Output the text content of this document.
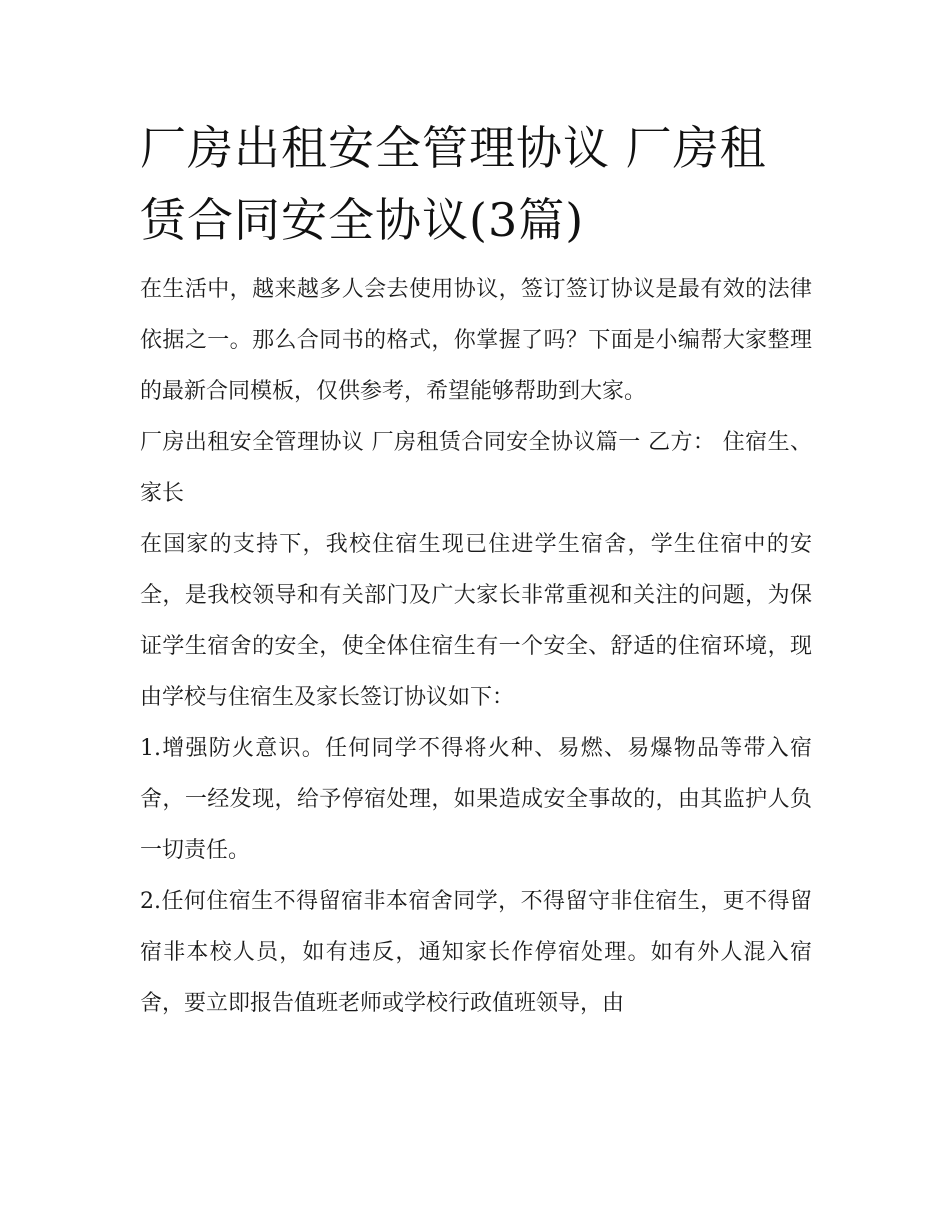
厂房出租安全管理协议 厂房租赁合同安全协议(3篇)

在生活中，越来越多人会去使用协议，签订签订协议是最有效的法律依据之一。那么合同书的格式，你掌握了吗？下面是小编帮大家整理的最新合同模板，仅供参考，希望能够帮助到大家。

厂房出租安全管理协议 厂房租赁合同安全协议篇一 乙方： 住宿生、家长

在国家的支持下，我校住宿生现已住进学生宿舍，学生住宿中的安全，是我校领导和有关部门及广大家长非常重视和关注的问题，为保证学生宿舍的安全，使全体住宿生有一个安全、舒适的住宿环境，现由学校与住宿生及家长签订协议如下：

1.增强防火意识。任何同学不得将火种、易燃、易爆物品等带入宿舍，一经发现，给予停宿处理，如果造成安全事故的，由其监护人负一切责任。

2.任何住宿生不得留宿非本宿舍同学，不得留守非住宿生，更不得留宿非本校人员，如有违反，通知家长作停宿处理。如有外人混入宿舍，要立即报告值班老师或学校行政值班领导，由
